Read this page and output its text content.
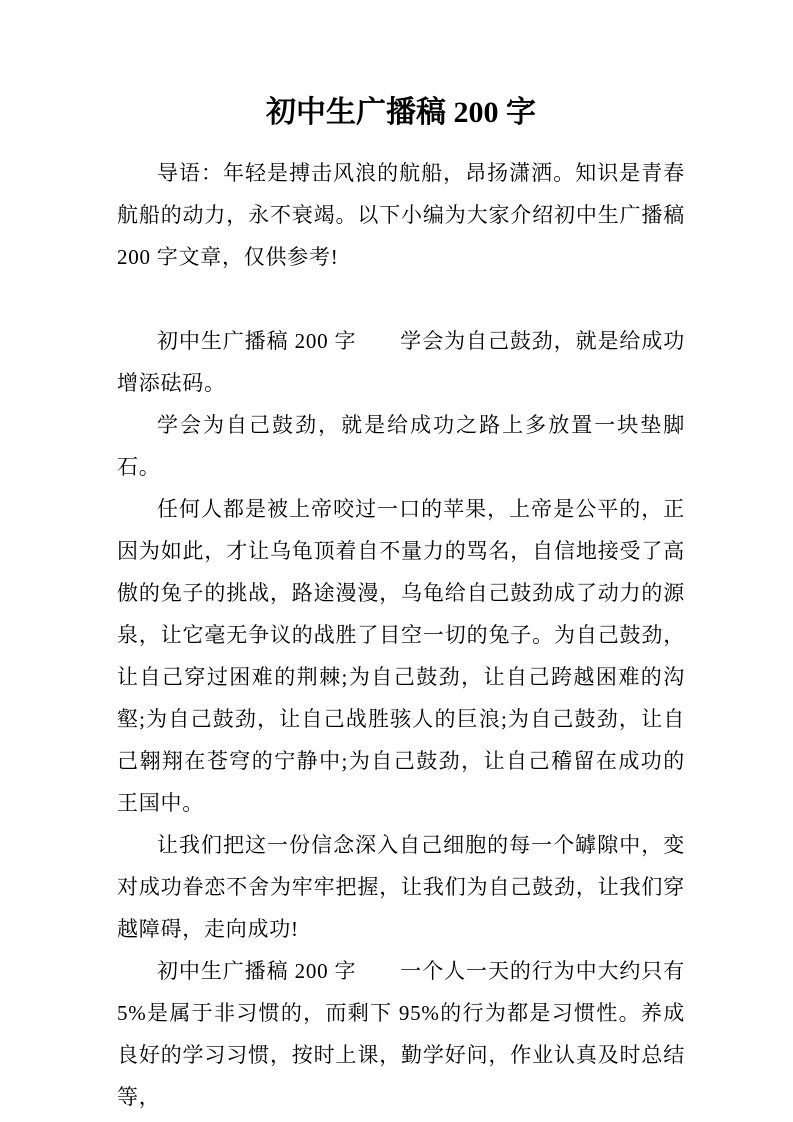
初中生广播稿 200 字

导语：年轻是搏击风浪的航船，昂扬潇洒。知识是青春航船的动力，永不衰竭。以下小编为大家介绍初中生广播稿 200 字文章，仅供参考!

初中生广播稿 200 字　　学会为自己鼓劲，就是给成功增添砝码。

学会为自己鼓劲，就是给成功之路上多放置一块垫脚石。

任何人都是被上帝咬过一口的苹果，上帝是公平的，正因为如此，才让乌龟顶着自不量力的骂名，自信地接受了高傲的兔子的挑战，路途漫漫，乌龟给自己鼓劲成了动力的源泉，让它毫无争议的战胜了目空一切的兔子。为自己鼓劲，让自己穿过困难的荆棘;为自己鼓劲，让自己跨越困难的沟壑;为自己鼓劲，让自己战胜骇人的巨浪;为自己鼓劲，让自己翱翔在苍穹的宁静中;为自己鼓劲，让自己稽留在成功的王国中。

让我们把这一份信念深入自己细胞的每一个罅隙中，变对成功眷恋不舍为牢牢把握，让我们为自己鼓劲，让我们穿越障碍，走向成功!

初中生广播稿 200 字　　一个人一天的行为中大约只有 5%是属于非习惯的，而剩下 95%的行为都是习惯性。养成良好的学习习惯，按时上课，勤学好问，作业认真及时总结等，
